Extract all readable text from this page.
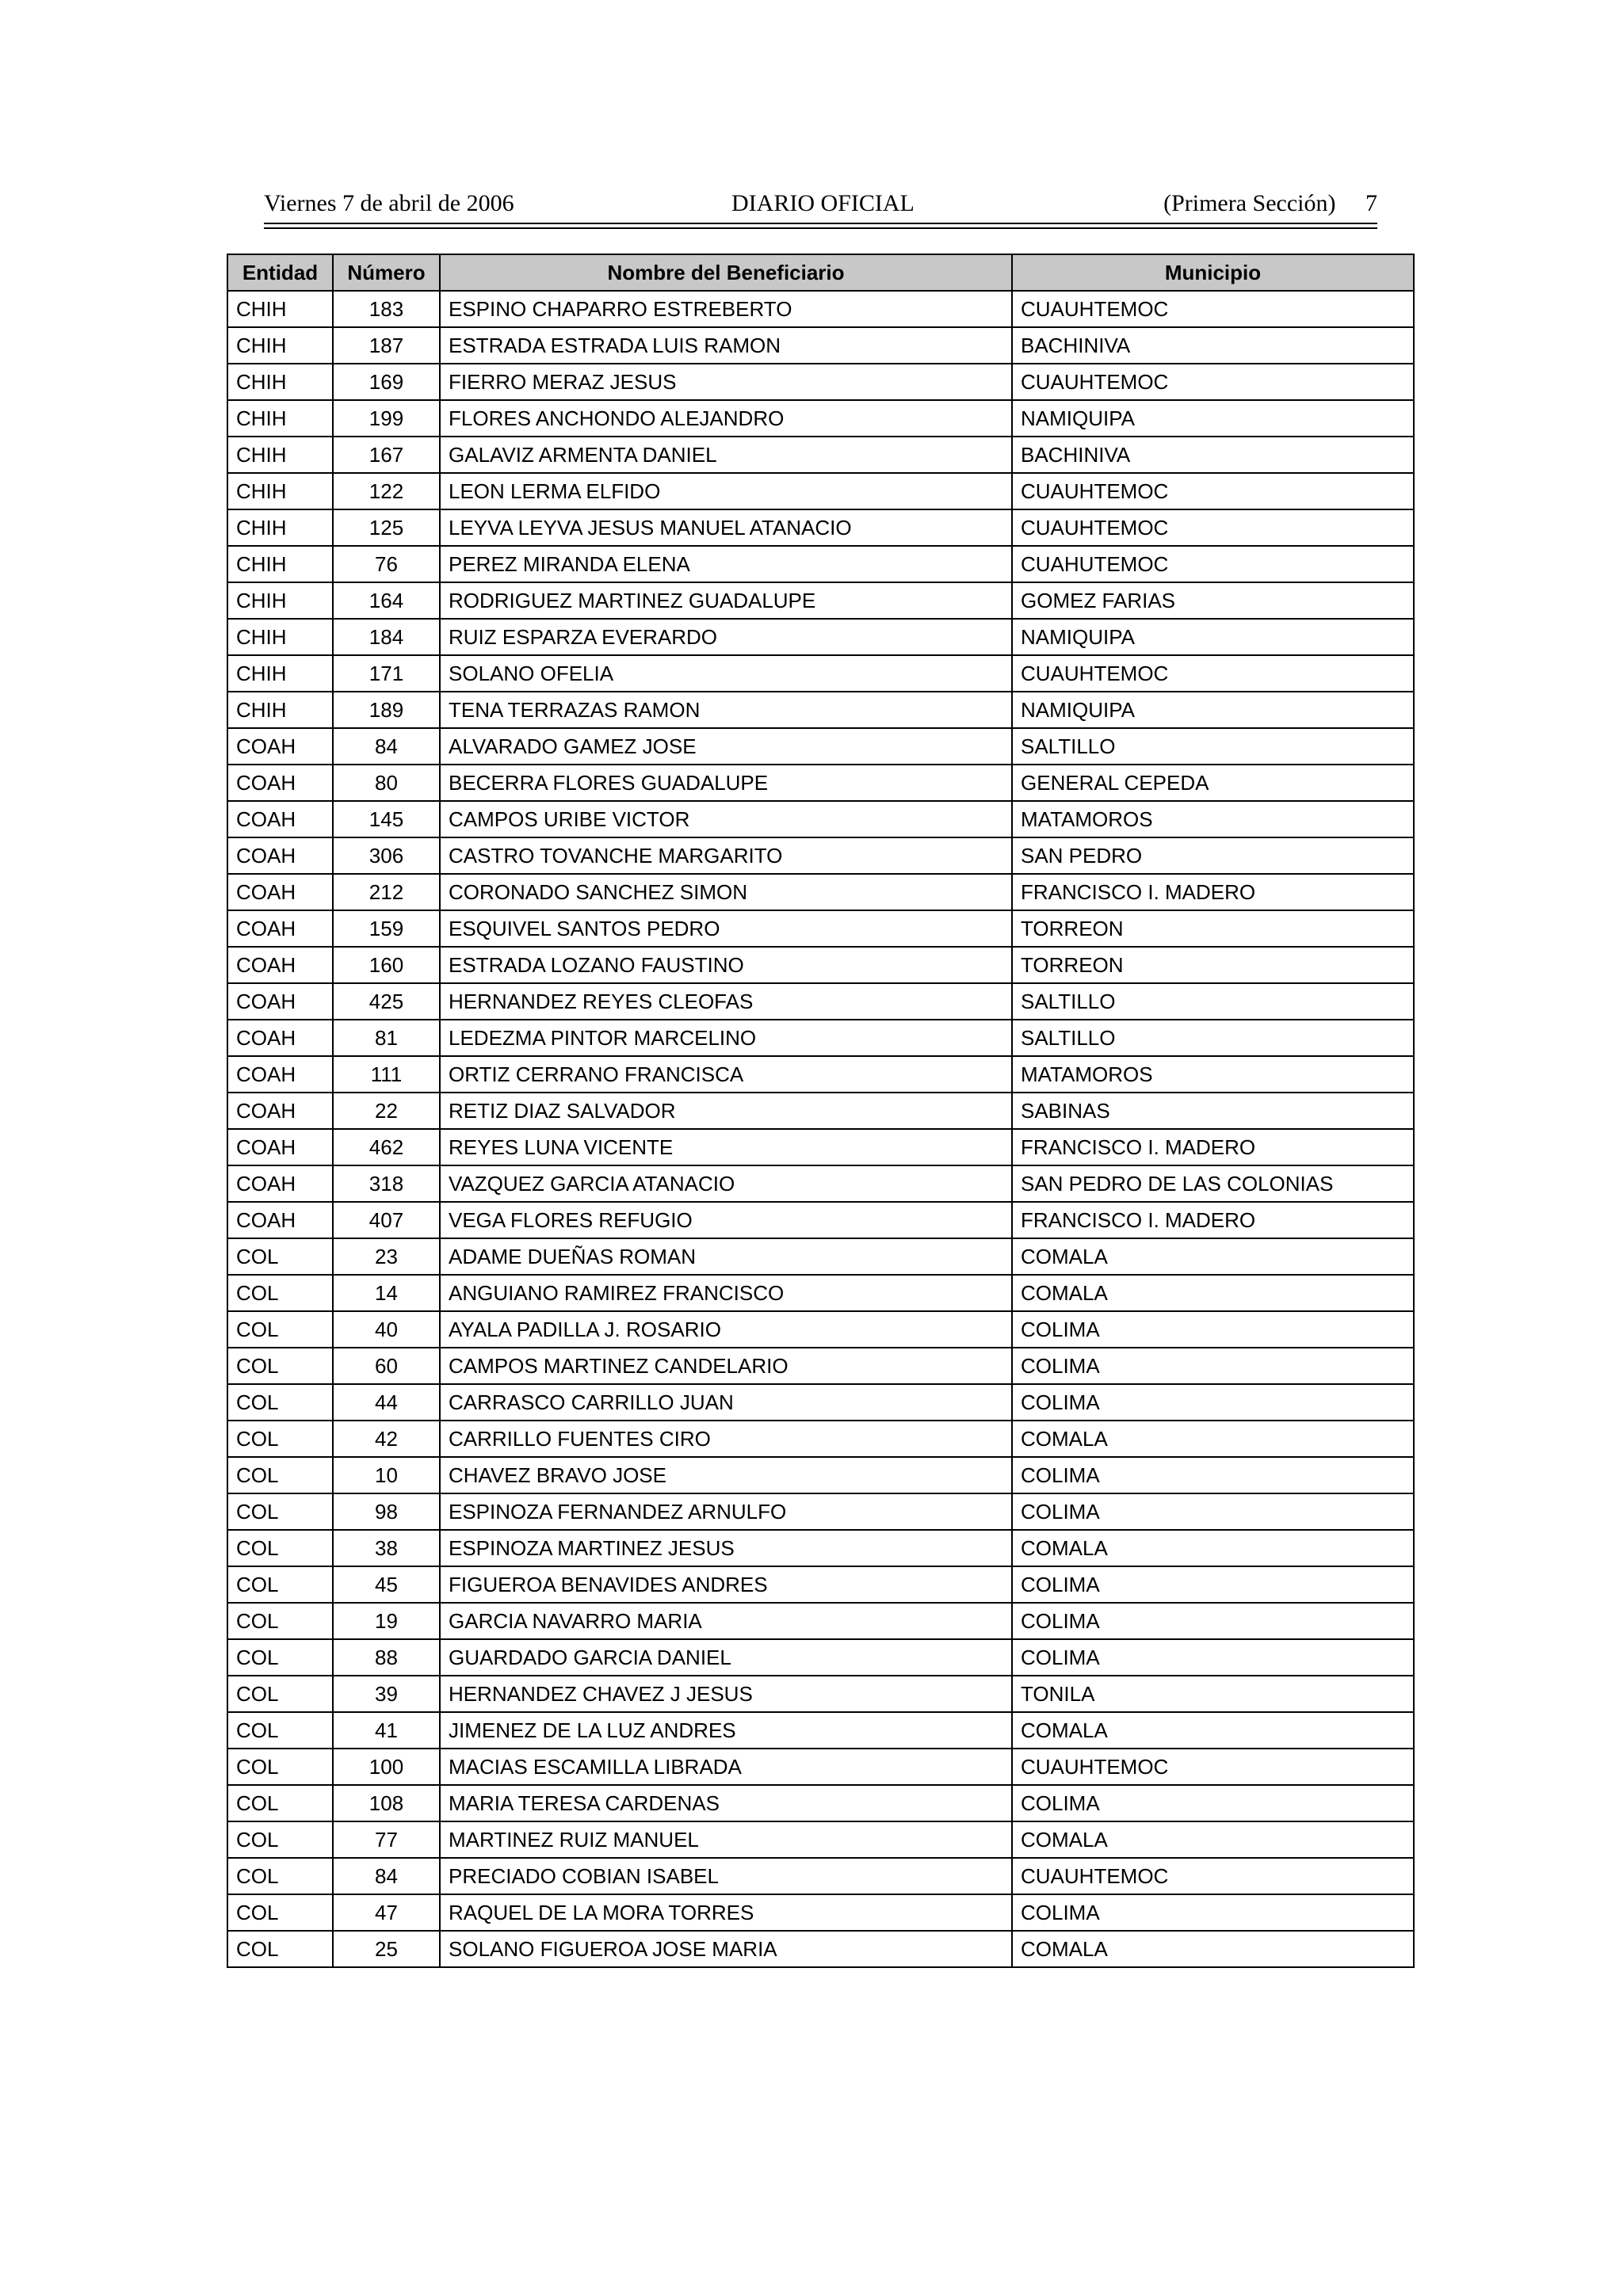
Viernes 7 de abril de 2006	DIARIO OFICIAL	(Primera Sección)     7
Entidad	Número	Nombre del Beneficiario	Municipio
CHIH	183	ESPINO CHAPARRO ESTREBERTO	CUAUHTEMOC
CHIH	187	ESTRADA ESTRADA LUIS RAMON	BACHINIVA
CHIH	169	FIERRO MERAZ JESUS	CUAUHTEMOC
CHIH	199	FLORES ANCHONDO ALEJANDRO	NAMIQUIPA
CHIH	167	GALAVIZ ARMENTA DANIEL	BACHINIVA
CHIH	122	LEON LERMA ELFIDO	CUAUHTEMOC
CHIH	125	LEYVA LEYVA JESUS MANUEL ATANACIO	CUAUHTEMOC
CHIH	76	PEREZ MIRANDA ELENA	CUAHUTEMOC
CHIH	164	RODRIGUEZ MARTINEZ GUADALUPE	GOMEZ FARIAS
CHIH	184	RUIZ ESPARZA EVERARDO	NAMIQUIPA
CHIH	171	SOLANO OFELIA	CUAUHTEMOC
CHIH	189	TENA TERRAZAS RAMON	NAMIQUIPA
COAH	84	ALVARADO GAMEZ JOSE	SALTILLO
COAH	80	BECERRA FLORES GUADALUPE	GENERAL CEPEDA
COAH	145	CAMPOS URIBE VICTOR	MATAMOROS
COAH	306	CASTRO TOVANCHE MARGARITO	SAN PEDRO
COAH	212	CORONADO SANCHEZ SIMON	FRANCISCO I. MADERO
COAH	159	ESQUIVEL SANTOS PEDRO	TORREON
COAH	160	ESTRADA LOZANO FAUSTINO	TORREON
COAH	425	HERNANDEZ REYES CLEOFAS	SALTILLO
COAH	81	LEDEZMA PINTOR MARCELINO	SALTILLO
COAH	111	ORTIZ CERRANO FRANCISCA	MATAMOROS
COAH	22	RETIZ DIAZ SALVADOR	SABINAS
COAH	462	REYES LUNA VICENTE	FRANCISCO I. MADERO
COAH	318	VAZQUEZ GARCIA ATANACIO	SAN PEDRO DE LAS COLONIAS
COAH	407	VEGA FLORES REFUGIO	FRANCISCO I. MADERO
COL	23	ADAME DUEÑAS ROMAN	COMALA
COL	14	ANGUIANO RAMIREZ FRANCISCO	COMALA
COL	40	AYALA PADILLA J. ROSARIO	COLIMA
COL	60	CAMPOS MARTINEZ CANDELARIO	COLIMA
COL	44	CARRASCO CARRILLO JUAN	COLIMA
COL	42	CARRILLO FUENTES CIRO	COMALA
COL	10	CHAVEZ BRAVO JOSE	COLIMA
COL	98	ESPINOZA FERNANDEZ ARNULFO	COLIMA
COL	38	ESPINOZA MARTINEZ JESUS	COMALA
COL	45	FIGUEROA BENAVIDES ANDRES	COLIMA
COL	19	GARCIA NAVARRO MARIA	COLIMA
COL	88	GUARDADO GARCIA DANIEL	COLIMA
COL	39	HERNANDEZ CHAVEZ J JESUS	TONILA
COL	41	JIMENEZ DE LA LUZ ANDRES	COMALA
COL	100	MACIAS ESCAMILLA LIBRADA	CUAUHTEMOC
COL	108	MARIA TERESA CARDENAS	COLIMA
COL	77	MARTINEZ RUIZ MANUEL	COMALA
COL	84	PRECIADO COBIAN ISABEL	CUAUHTEMOC
COL	47	RAQUEL DE LA MORA TORRES	COLIMA
COL	25	SOLANO FIGUEROA JOSE MARIA	COMALA
